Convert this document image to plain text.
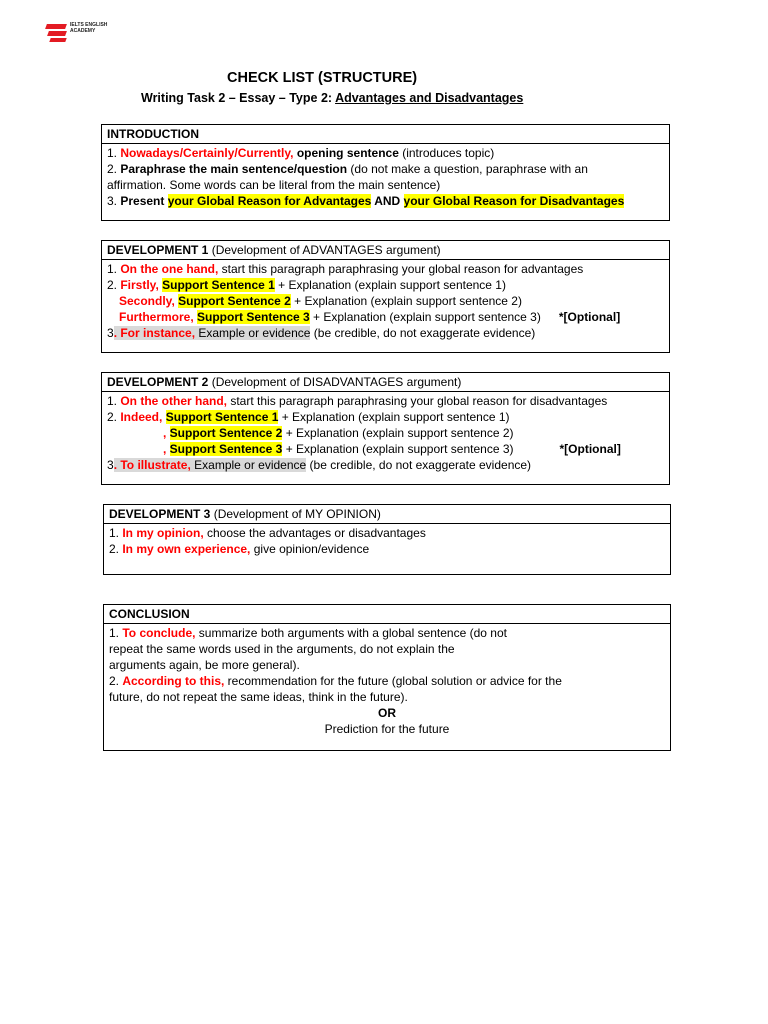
IELTS ENGLISH ACADEMY
CHECK LIST (STRUCTURE)
Writing Task 2 – Essay – Type 2: Advantages and Disadvantages
INTRODUCTION

1. Nowadays/Certainly/Currently, opening sentence (introduces topic)
2. Paraphrase the main sentence/question (do not make a question, paraphrase with an
affirmation. Some words can be literal from the main sentence)
3. Present your Global Reason for Advantages AND your Global Reason for Disadvantages
DEVELOPMENT 1 (Development of ADVANTAGES argument)

1. On the one hand, start this paragraph paraphrasing your global reason for advantages
2. Firstly, Support Sentence 1 + Explanation (explain support sentence 1)
Secondly, Support Sentence 2 + Explanation (explain support sentence 2)
Furthermore, Support Sentence 3 + Explanation (explain support sentence 3) *[Optional]
3. For instance, Example or evidence (be credible, do not exaggerate evidence)
DEVELOPMENT 2 (Development of DISADVANTAGES argument)

1. On the other hand, start this paragraph paraphrasing your global reason for disadvantages
2. Indeed, Support Sentence 1 + Explanation (explain support sentence 1)
, Support Sentence 2 + Explanation (explain support sentence 2)
, Support Sentence 3 + Explanation (explain support sentence 3)	*[Optional]
3. To illustrate, Example or evidence (be credible, do not exaggerate evidence)
DEVELOPMENT 3 (Development of MY OPINION)

1. In my opinion, choose the advantages or disadvantages
2. In my own experience, give opinion/evidence
CONCLUSION

1. To conclude, summarize both arguments with a global sentence (do not
repeat the same words used in the arguments, do not explain the
arguments again, be more general).
2. According to this, recommendation for the future (global solution or advice for the
future, do not repeat the same ideas, think in the future).
OR
Prediction for the future
